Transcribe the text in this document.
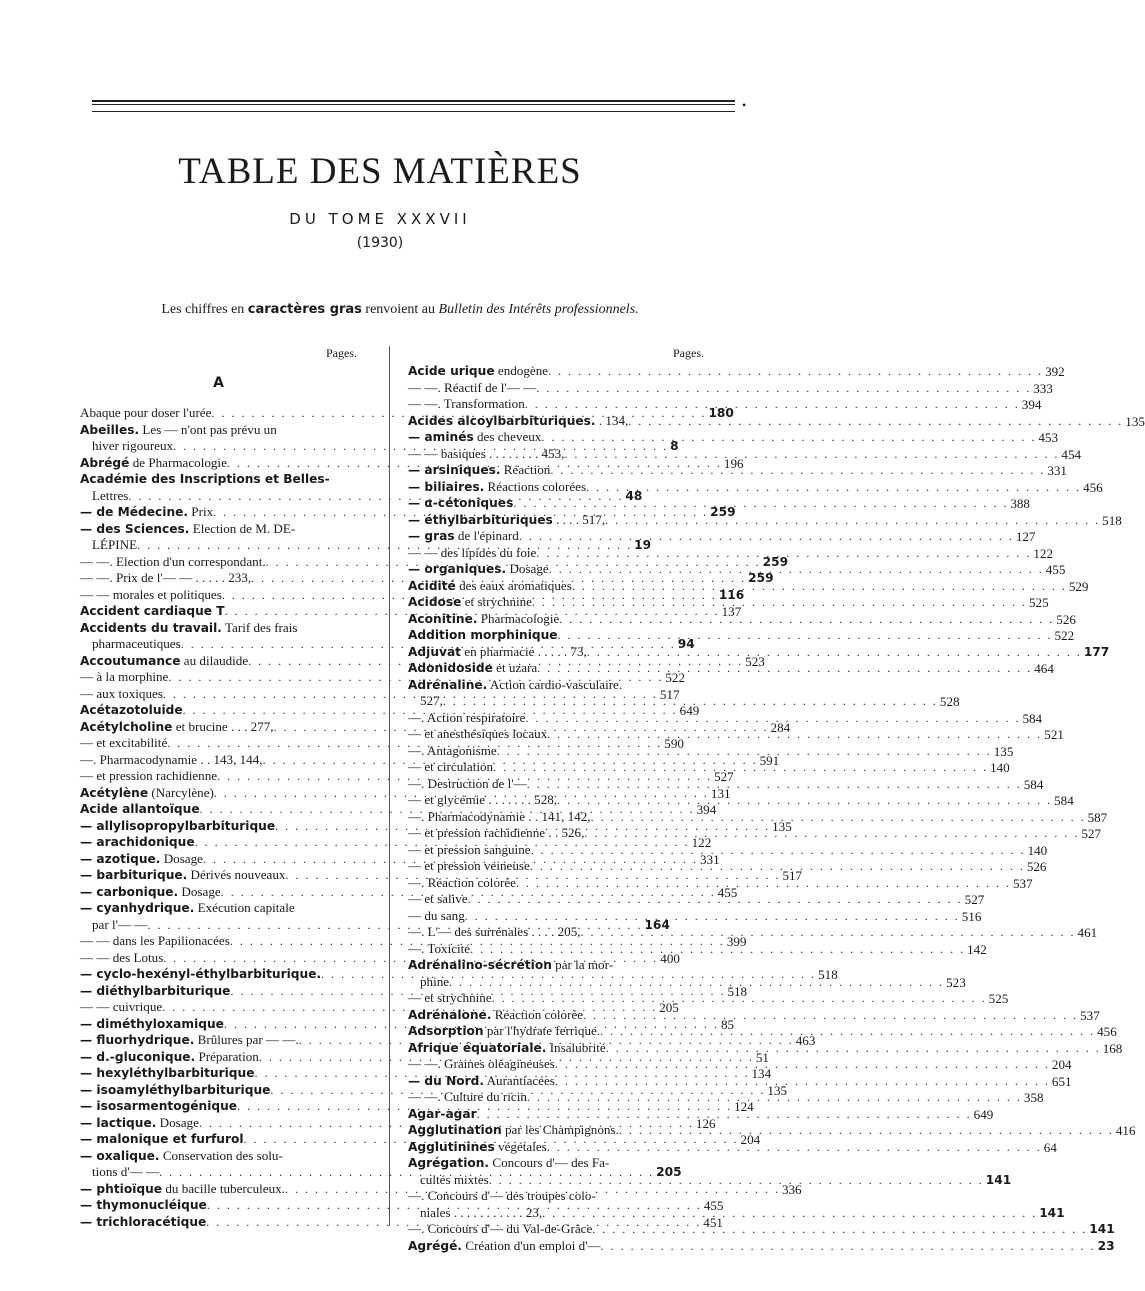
•
TABLE DES MATIÈRES
DU TOME XXXVII
(1930)
Les chiffres en caractères gras renvoient au Bulletin des Intérêts professionnels.
Pages.
A
Abaque pour doser l'urée . . .	180
Abeilles. Les — n'ont pas prévu un
hiver rigoureux . . .	8
Abrégé de Pharmacologie . . .	196
Académie des Inscriptions et Belles-
Lettres . . .	48
— de Médecine. Prix . . .	259
— des Sciences. Election de M. DE-
LÉPINE . . .	19
— —. Election d'un correspondant. . . .	259
— —. Prix de l'— — . . . . . 233, . . .	259
— — morales et politiques . . .	116
Accident cardiaque T . . .	137
Accidents du travail. Tarif des frais
pharmaceutiques . . .	94
Accoutumance au dilaudide . . .	523
— à la morphine . . .	522
— aux toxiques . . .	517
Acétazotoluide . . .	649
Acétylcholine et brucine . . . 277, . . .	284
— et excitabilité . . .	590
—. Pharmacodynamie . . 143, 144, . . .	591
— et pression rachidienne . . .	527
Acétylène (Narcylène) . . .	131
Acide allantoïque . . .	394
— allylisopropylbarbiturique . . .	135
— arachidonique . . .	122
— azotique. Dosage . . .	331
— barbiturique. Dérivés nouveaux . . .	517
— carbonique. Dosage . . .	455
— cyanhydrique. Exécution capitale
par l'— — . . .	164
— — dans les Papilionacées . . .	399
— — des Lotus . . .	400
— cyclo-hexényl-éthylbarbiturique. . . .	518
— diéthylbarbiturique . . .	518
— — cuivrique . . .	205
— diméthyloxamique . . .	85
— fluorhydrique. Brûlures par — —. . . .	463
— d.-gluconique. Préparation . . .	51
— hexyléthylbarbiturique . . .	134
— isoamyléthylbarbiturique . . .	135
— isosarmentogénique . . .	124
— lactique. Dosage . . .	126
— malonique et furfurol . . .	204
— oxalique. Conservation des solu-
tions d'— — . . .	205
— phtioïque du bacille tuberculeux. . . .	336
— thymonucléique . . .	455
— trichloracétique . . .	451
Pages.
Acide urique endogène . . .	392
— —. Réactif de l'— — . . .	333
— —. Transformation . . .	394
Acides alcoylbarbituriques. . 134, . . .	135
— aminés des cheveux . . .	453
— — basiques . . . . . . . . 453, . . .	454
— arsiniques. Réaction . . .	331
— biliaires. Réactions colorées . . .	456
— α-cétoniques . . .	388
— éthylbarbituriques . . . . 517, . . .	518
— gras de l'épinard . . .	127
— — des lipides du foie . . .	122
— organiques. Dosage . . .	455
Acidité des eaux aromatiques . . .	529
Acidose et strychnine . . .	525
Aconitine. Pharmacologie . . .	526
Addition morphinique . . .	522
Adjuvat en pharmacie . . . . . 73, . . .	177
Adonidoside et uzara . . .	464
Adrénaline. Action cardio-vasculaire.
527, . . .	528
—. Action respiratoire . . .	584
— et anesthésiques locaux . . .	521
—. Antagonisme . . .	135
— et circulation . . .	140
—. Destruction de l'— . . .	584
— et glycémie . . . . . . . 528, . . .	584
—. Pharmacodynamie . . 141, 142, . . .	587
— et pression rachidienne . . 526, . . .	527
— et pression sanguine . . .	140
— et pression veineuse . . .	526
—. Réaction colorée . . .	537
— et salive . . .	527
— du sang . . .	516
—. L'— des surrénales . . . . 205, . . .	461
—. Toxicité . . .	142
Adrénalino-sécrétion par la mor-
phine . . .	523
— et strychnine . . .	525
Adrénalone. Réaction colorée . . .	537
Adsorption par l'hydrate ferrique. . . .	456
Afrique équatoriale. Insalubrité . . .	168
— —. Graines oléagineuses . . .	204
— du Nord. Aurantiacées . . .	651
— —. Culture du ricin . . .	358
Agar-agar . . .	649
Agglutination par les Champignons. . . .	416
Agglutinines végétales . . .	64
Agrégation. Concours d'— des Fa-
cultés mixtes . . .	141
—. Concours d'— des troupes colo-
niales . . . . . . . . . . . 23, . . .	141
—. Concours d'— du Val-de-Grâce . . .	141
Agrégé. Création d'un emploi d'— . . .	23
